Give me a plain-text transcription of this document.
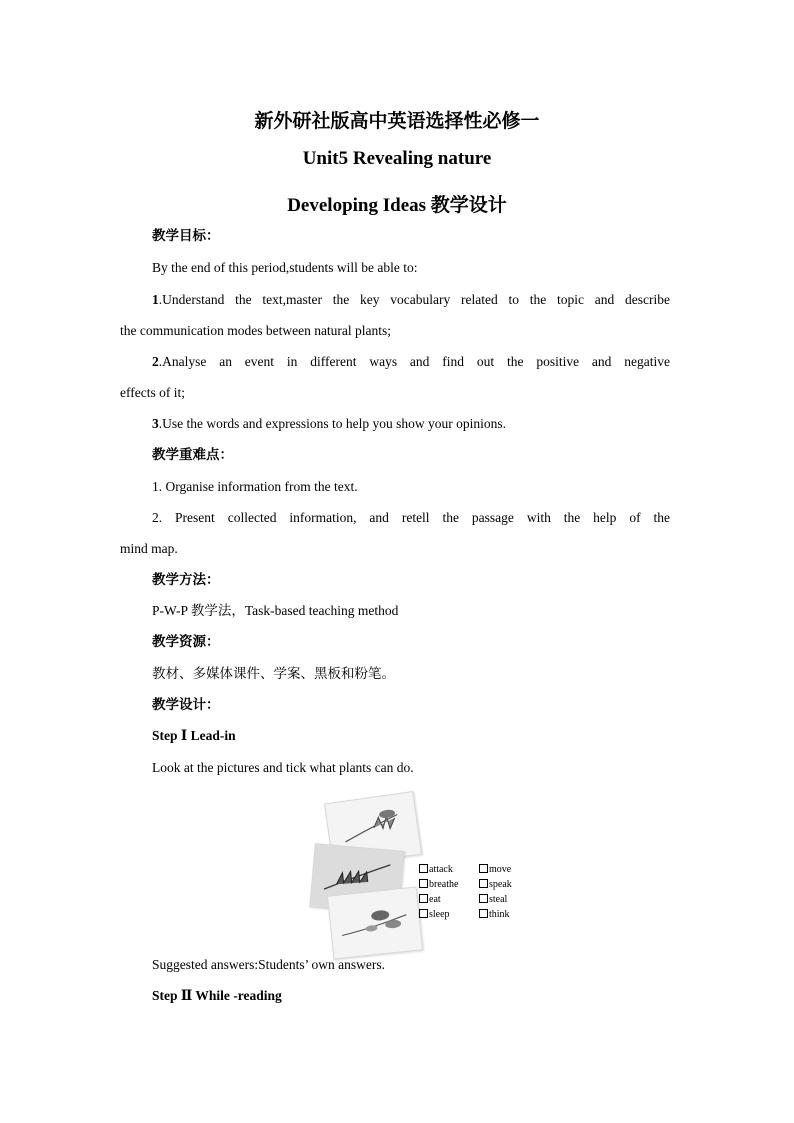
新外研社版高中英语选择性必修一
Unit5 Revealing nature
Developing Ideas 教学设计
教学目标：
By the end of this period,students will be able to:
1.Understand the text,master the key vocabulary related to the topic and describe
the communication modes between natural plants;
2.Analyse an event in different ways and find out the positive and negative
effects of it;
3.Use the words and expressions to help you show your opinions.
教学重难点：
1. Organise information from the text.
2. Present collected information, and retell the passage with the help of the
mind map.
教学方法：
P-W-P 教学法，Task-based teaching method
教学资源：
教材、多媒体课件、学案、黑板和粉笔。
教学设计：
Step Ⅰ Lead-in
Look at the pictures and tick what plants can do.
attack
breathe
eat
sleep
move
speak
steal
think
Suggested answers:Students’ own answers.
Step Ⅱ While -reading
